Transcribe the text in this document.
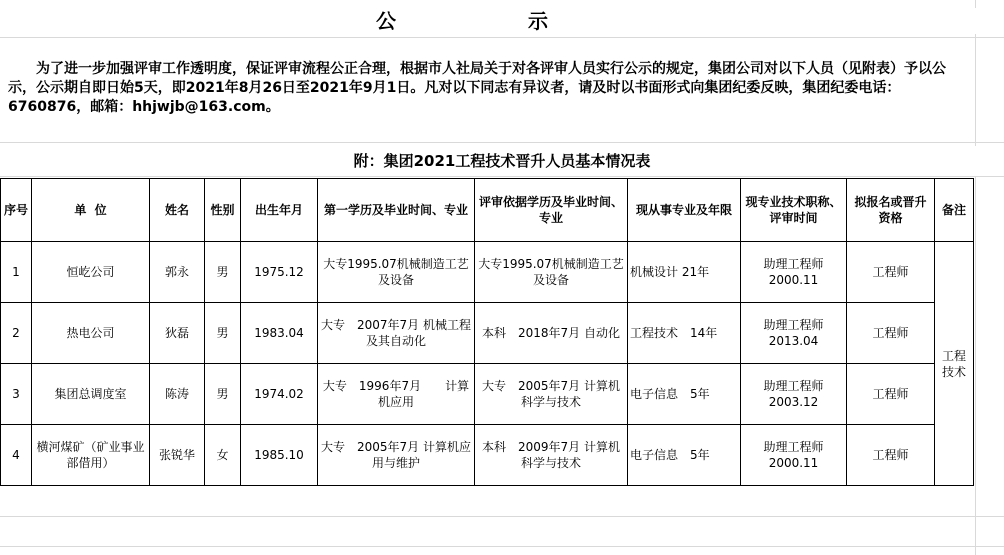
公　示
为了进一步加强评审工作透明度，保证评审流程公正合理，根据市人社局关于对各评审人员实行公示的规定，集团公司对以下人员（见附表）予以公示，公示期自即日始5天，即2021年8月26日至2021年9月1日。凡对以下同志有异议者，请及时以书面形式向集团纪委反映，集团纪委电话：6760876，邮箱：hhjwjb@163.com。
附：集团2021工程技术晋升人员基本情况表
序号	单  位	姓名	性别	出生年月	第一学历及毕业时间、专业	评审依据学历及毕业时间、专业	现从事专业及年限	现专业技术职称、评审时间	拟报名或晋升资格	备注
1	恒屹公司	郭永	男	1975.12	大专1995.07机械制造工艺及设备	大专1995.07机械制造工艺及设备	机械设计 21年	助理工程师 2000.11	工程师	工程技术
2	热电公司	狄磊	男	1983.04	大专　2007年7月 机械工程及其自动化	本科　2018年7月 自动化	工程技术　14年	助理工程师 2013.04	工程师	
3	集团总调度室	陈涛	男	1974.02	大专　1996年7月　　计算机应用	大专　2005年7月 计算机科学与技术	电子信息　5年	助理工程师 2003.12	工程师	
4	横河煤矿（矿业事业部借用）	张锐华	女	1985.10	大专　2005年7月 计算机应用与维护	本科　2009年7月 计算机科学与技术	电子信息　5年	助理工程师 2000.11	工程师	
